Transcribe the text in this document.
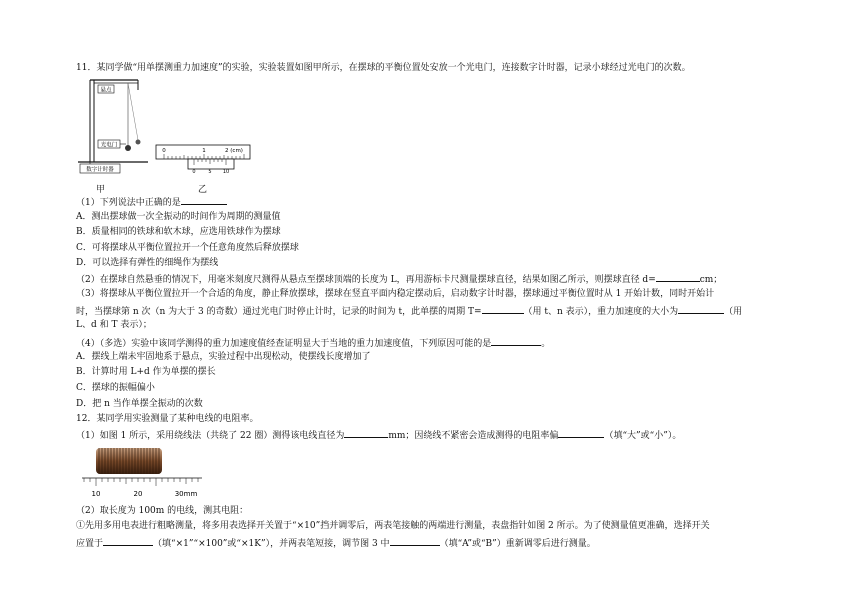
11．某同学做“用单摆测重力加速度”的实验，实验装置如图甲所示，在摆球的平衡位置处安放一个光电门，连接数字计时器，记录小球经过光电门的次数。
悬点
光电门
数字计时器
甲
0	1	2 (cm)
0	5 10
乙
（1）下列说法中正确的是
A．测出摆球做一次全振动的时间作为周期的测量值
B．质量相同的铁球和软木球，应选用铁球作为摆球
C．可将摆球从平衡位置拉开一个任意角度然后释放摆球
D．可以选择有弹性的细绳作为摆线
（2）在摆球自然悬垂的情况下，用毫米刻度尺测得从悬点至摆球顶端的长度为 L，再用游标卡尺测量摆球直径，结果如图乙所示，则摆球直径 d=	cm；
（3）将摆球从平衡位置拉开一个合适的角度，静止释放摆球，摆球在竖直平面内稳定摆动后，启动数字计时器，摆球通过平衡位置时从 1 开始计数，同时开始计
时，当摆球第 n 次（n 为大于 3 的奇数）通过光电门时停止计时，记录的时间为 t，此单摆的周期 T=	（用 t、n 表示），重力加速度的大小为	（用
L、d 和 T 表示）；
（4）（多选）实验中该同学测得的重力加速度值经查证明显大于当地的重力加速度值，下列原因可能的是	。
A．摆线上端未牢固地系于悬点，实验过程中出现松动，使摆线长度增加了
B．计算时用 L+d 作为单摆的摆长
C．摆球的振幅偏小
D．把 n 当作单摆全振动的次数
12．某同学用实验测量了某种电线的电阻率。
（1）如图 1 所示，采用绕线法（共绕了 22 圈）测得该电线直径为	mm；因绕线不紧密会造成测得的电阻率偏	（填“大”或“小”）。
10	20	30mm
（2）取长度为 100m 的电线，测其电阻：
①先用多用电表进行粗略测量，将多用表选择开关置于“×10”挡并调零后，两表笔接触的两端进行测量，表盘指针如图 2 所示。为了使测量值更准确，选择开关
应置于	（填“×1”“×100”或“×1K”），并两表笔短接，调节图 3 中	（填“A”或“B”）重新调零后进行测量。
